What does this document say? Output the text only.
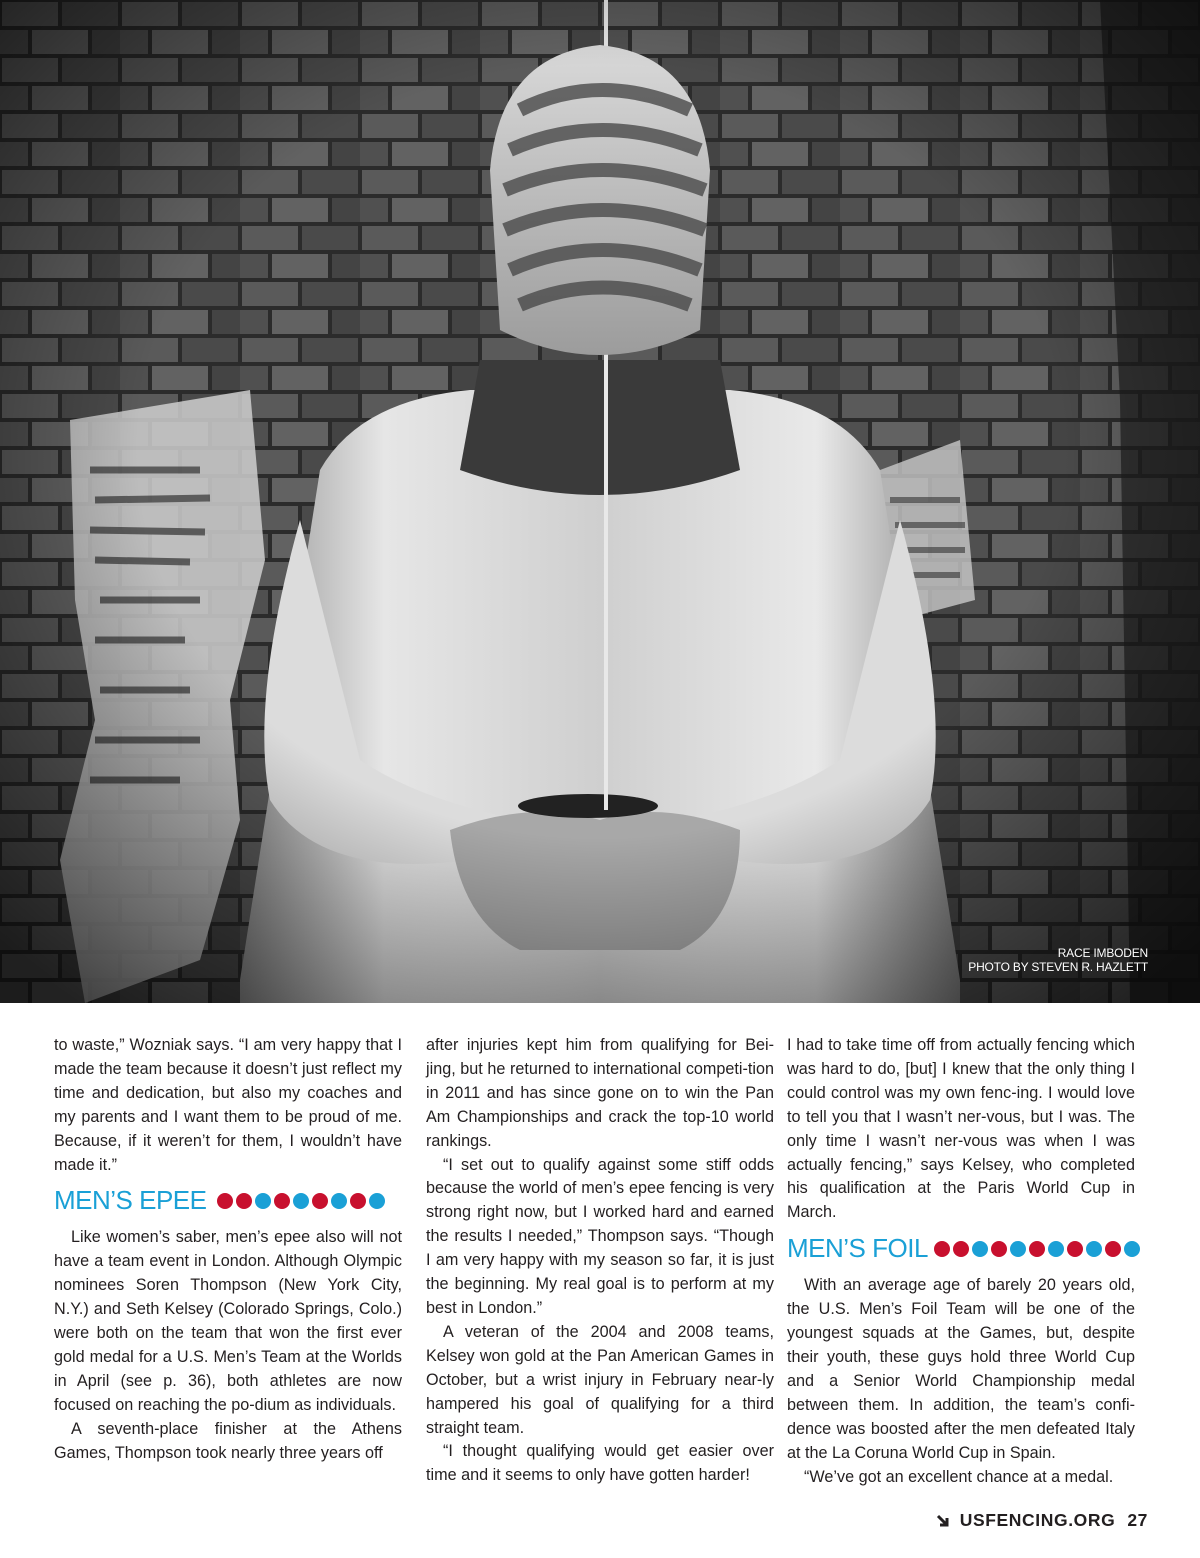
RACE IMBODEN
PHOTO BY STEVEN R. HAZLETT

to waste,” Wozniak says. “I am very happy that I made the team because it doesn’t just reflect my time and dedication, but also my coaches and my parents and I want them to be proud of me. Because, if it weren’t for them, I wouldn’t have made it.”

MEN’S EPEE

Like women’s saber, men’s epee also will not have a team event in London. Although Olympic nominees Soren Thompson (New York City, N.Y.) and Seth Kelsey (Colorado Springs, Colo.) were both on the team that won the first ever gold medal for a U.S. Men’s Team at the Worlds in April (see p. 36), both athletes are now focused on reaching the po-dium as individuals.

A seventh-place finisher at the Athens Games, Thompson took nearly three years off

after injuries kept him from qualifying for Bei-jing, but he returned to international competi-tion in 2011 and has since gone on to win the Pan Am Championships and crack the top-10 world rankings.

“I set out to qualify against some stiff odds because the world of men’s epee fencing is very strong right now, but I worked hard and earned the results I needed,” Thompson says. “Though I am very happy with my season so far, it is just the beginning. My real goal is to perform at my best in London.”

A veteran of the 2004 and 2008 teams, Kelsey won gold at the Pan American Games in October, but a wrist injury in February near-ly hampered his goal of qualifying for a third straight team.

“I thought qualifying would get easier over time and it seems to only have gotten harder!

I had to take time off from actually fencing which was hard to do, [but] I knew that the only thing I could control was my own fenc-ing. I would love to tell you that I wasn’t ner-vous, but I was. The only time I wasn’t ner-vous was when I was actually fencing,” says Kelsey, who completed his qualification at the Paris World Cup in March.

MEN’S FOIL

With an average age of barely 20 years old, the U.S. Men’s Foil Team will be one of the youngest squads at the Games, but, despite their youth, these guys hold three World Cup and a Senior World Championship medal between them. In addition, the team’s confi-dence was boosted after the men defeated Italy at the La Coruna World Cup in Spain.

“We’ve got an excellent chance at a medal.

USFENCING.ORG 27
